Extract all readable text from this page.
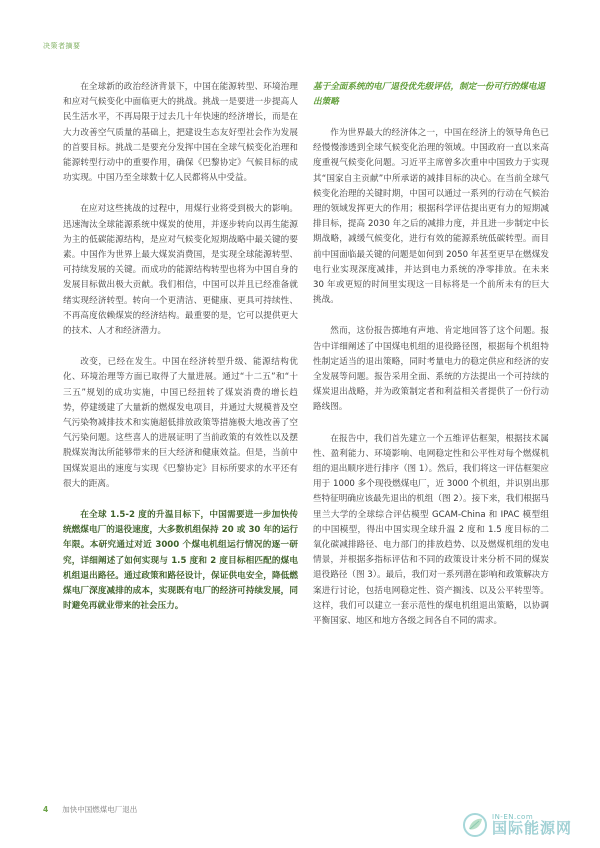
决策者摘要

在全球新的政治经济背景下，中国在能源转型、环境治理和应对气候变化中面临更大的挑战。挑战一是要进一步提高人民生活水平，不再局限于过去几十年快速的经济增长，而是在大力改善空气质量的基础上，把建设生态友好型社会作为发展的首要目标。挑战二是要充分发挥中国在全球气候变化治理和能源转型行动中的重要作用，确保《巴黎协定》气候目标的成功实现。中国乃至全球数十亿人民都将从中受益。

在应对这些挑战的过程中，用煤行业将受到极大的影响。迅速淘汰全球能源系统中煤炭的使用，并逐步转向以再生能源为主的低碳能源结构，是应对气候变化短期战略中最关键的要素。中国作为世界上最大煤炭消费国，是实现全球能源转型、可持续发展的关键。而成功的能源结构转型也将为中国自身的发展目标做出极大贡献。我们相信，中国可以并且已经准备就绪实现经济转型。转向一个更清洁、更健康、更具可持续性、不再高度依赖煤炭的经济结构。最重要的是，它可以提供更大的技术、人才和经济潜力。

改变，已经在发生。中国在经济转型升级、能源结构优化、环境治理等方面已取得了大量进展。通过“十二五”和“十三五”规划的成功实施，中国已经扭转了煤炭消费的增长趋势，停建缓建了大量新的燃煤发电项目，并通过大规模普及空气污染物减排技术和实施超低排放政策等措施极大地改善了空气污染问题。这些喜人的进展证明了当前政策的有效性以及摆脱煤炭淘汰所能够带来的巨大经济和健康效益。但是，当前中国煤炭退出的速度与实现《巴黎协定》目标所要求的水平还有很大的距离。

在全球 1.5-2 度的升温目标下，中国需要进一步加快传统燃煤电厂的退役速度，大多数机组保持 20 或 30 年的运行年限。本研究通过对近 3000 个煤电机组运行情况的逐一研究，详细阐述了如何实现与 1.5 度和 2 度目标相匹配的煤电机组退出路径。通过政策和路径设计，保证供电安全，降低燃煤电厂深度减排的成本，实现既有电厂的经济可持续发展，同时避免再就业带来的社会压力。

基于全面系统的电厂退役优先级评估，制定一份可行的煤电退出策略

作为世界最大的经济体之一，中国在经济上的领导角色已经慢慢渗透到全球气候变化治理的领域。中国政府一直以来高度重视气候变化问题。习近平主席曾多次重申中国致力于实现其“国家自主贡献”中所承诺的减排目标的决心。在当前全球气候变化治理的关键时期，中国可以通过一系列的行动在气候治理的领域发挥更大的作用；根据科学评估提出更有力的短期减排目标，提高 2030 年之后的减排力度，并且进一步制定中长期战略，减缓气候变化，进行有效的能源系统低碳转型。而目前中国面临最关键的问题是如何到 2050 年甚至更早在燃煤发电行业实现深度减排，并达到电力系统的净零排放。在未来 30 年或更短的时间里实现这一目标将是一个前所未有的巨大挑战。

然而，这份报告掷地有声地、肯定地回答了这个问题。报告中详细阐述了中国煤电机组的退役路径图，根据每个机组特性制定适当的退出策略，同时考量电力的稳定供应和经济的安全发展等问题。报告采用全面、系统的方法提出一个可持续的煤炭退出战略，并为政策制定者和利益相关者提供了一份行动路线图。

在报告中，我们首先建立一个五维评估框架，根据技术属性、盈利能力、环境影响、电网稳定性和公平性对每个燃煤机组的退出顺序进行排序（图 1）。然后，我们将这一评估框架应用于 1000 多个现役燃煤电厂，近 3000 个机组，并识别出那些特征明确应该最先退出的机组（图 2）。接下来，我们根据马里兰大学的全球综合评估模型 GCAM-China 和 IPAC 模型组的中国模型，得出中国实现全球升温 2 度和 1.5 度目标的二氧化碳减排路径、电力部门的排放趋势、以及燃煤机组的发电情景，并根据多指标评估和不同的政策设计来分析不同的煤炭退役路径（图 3）。最后，我们对一系列潜在影响和政策解决方案进行讨论，包括电网稳定性、资产搁浅、以及公平转型等。这样，我们可以建立一套示范性的煤电机组退出策略，以协调平衡国家、地区和地方各级之间各自不同的需求。

4 加快中国燃煤电厂退出
IN-EN.com
国际能源网
